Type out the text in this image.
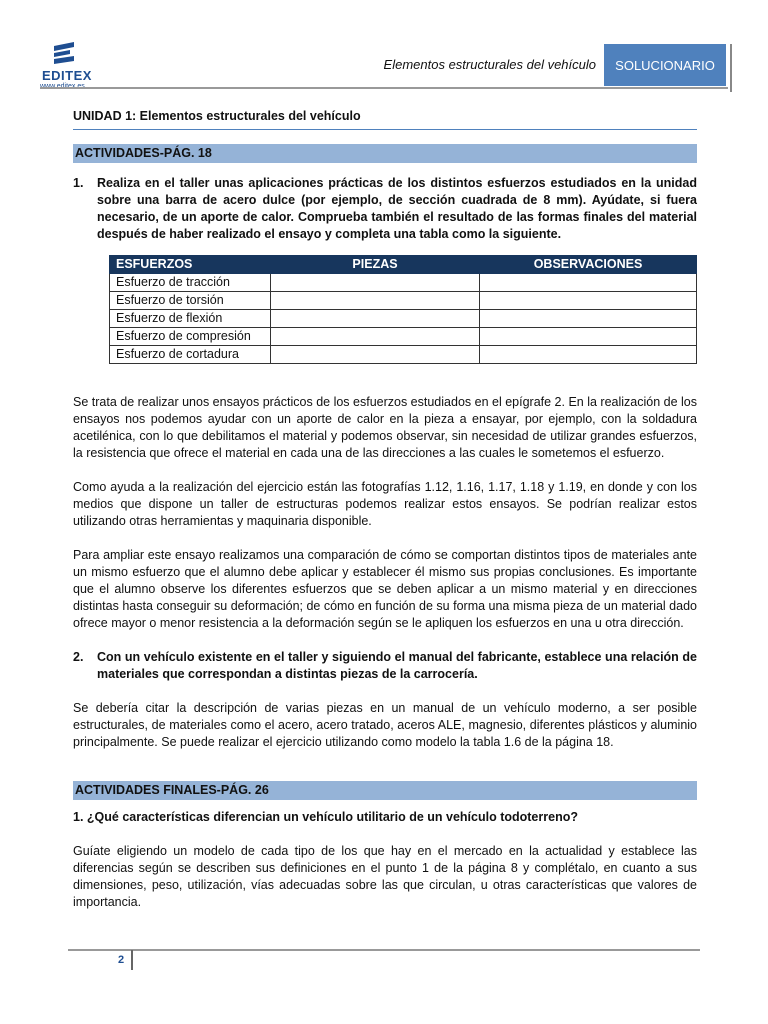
EDITEX
Elementos estructurales del vehículo	SOLUCIONARIO
UNIDAD 1: Elementos estructurales del vehículo
ACTIVIDADES-PÁG. 18
1.	Realiza en el taller unas aplicaciones prácticas de los distintos esfuerzos estudiados en la unidad sobre una barra de acero dulce (por ejemplo, de sección cuadrada de 8 mm). Ayúdate, si fuera necesario, de un aporte de calor. Comprueba también el resultado de las formas finales del material después de haber realizado el ensayo y completa una tabla como la siguiente.
ESFUERZOS	PIEZAS	OBSERVACIONES
Esfuerzo de tracción		
Esfuerzo de torsión		
Esfuerzo de flexión		
Esfuerzo de compresión		
Esfuerzo de cortadura		

Se trata de realizar unos ensayos prácticos de los esfuerzos estudiados en el epígrafe 2. En la realización de los ensayos nos podemos ayudar con un aporte de calor en la pieza a ensayar, por ejemplo, con la soldadura acetilénica, con lo que debilitamos el material y podemos observar, sin necesidad de utilizar grandes esfuerzos, la resistencia que ofrece el material en cada una de las direcciones a las cuales le sometemos el esfuerzo.

Como ayuda a la realización del ejercicio están las fotografías 1.12, 1.16, 1.17, 1.18 y 1.19, en donde y con los medios que dispone un taller de estructuras podemos realizar estos ensayos. Se podrían realizar estos utilizando otras herramientas y maquinaria disponible.

Para ampliar este ensayo realizamos una comparación de cómo se comportan distintos tipos de materiales ante un mismo esfuerzo que el alumno debe aplicar y establecer él mismo sus propias conclusiones. Es importante que el alumno observe los diferentes esfuerzos que se deben aplicar a un mismo material y en direcciones distintas hasta conseguir su deformación; de cómo en función de su forma una misma pieza de un material dado ofrece mayor o menor resistencia a la deformación según se le apliquen los esfuerzos en una u otra dirección.

2.	Con un vehículo existente en el taller y siguiendo el manual del fabricante, establece una relación de materiales que correspondan a distintas piezas de la carrocería.

Se debería citar la descripción de varias piezas en un manual de un vehículo moderno, a ser posible estructurales, de materiales como el acero, acero tratado, aceros ALE, magnesio, diferentes plásticos y aluminio principalmente. Se puede realizar el ejercicio utilizando como modelo la tabla 1.6 de la página 18.

ACTIVIDADES FINALES-PÁG. 26

1. ¿Qué características diferencian un vehículo utilitario de un vehículo todoterreno?

Guíate eligiendo un modelo de cada tipo de los que hay en el mercado en la actualidad y establece las diferencias según se describen sus definiciones en el punto 1 de la página 8 y complétalo, en cuanto a sus dimensiones, peso, utilización, vías adecuadas sobre las que circulan, u otras características que valores de importancia.

2
